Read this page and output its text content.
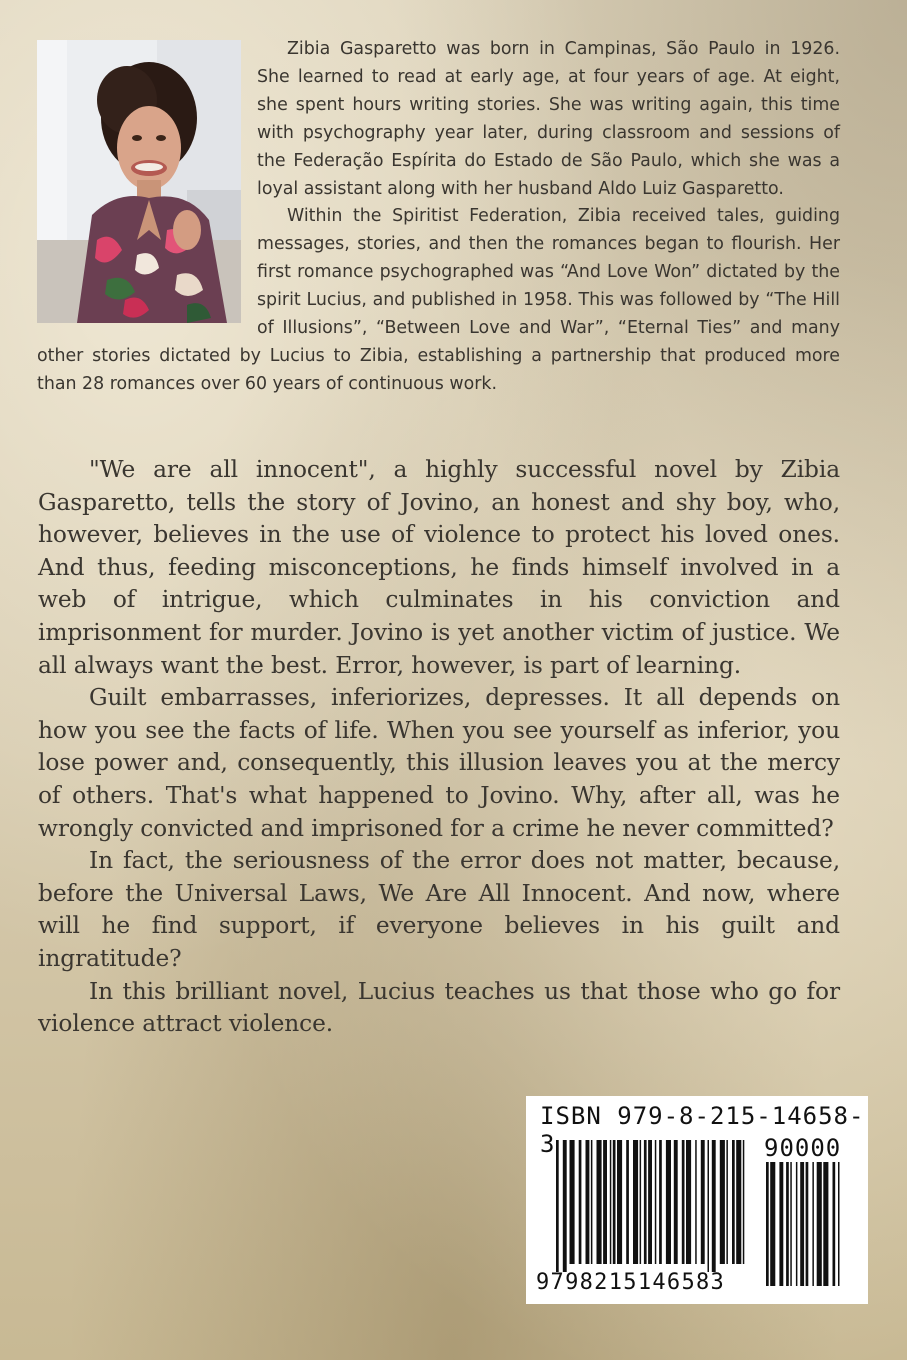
Zibia Gasparetto was born in Campinas, São Paulo in 1926. She learned to read at early age, at four years of age. At eight, she spent hours writing stories. She was writing again, this time with psychography year later, during classroom and sessions of the Federação Espírita do Estado de São Paulo, which she was a loyal assistant along with her husband Aldo Luiz Gasparetto.

Within the Spiritist Federation, Zibia received tales, guiding messages, stories, and then the romances began to flourish. Her first romance psychographed was “And Love Won” dictated by the spirit Lucius, and published in 1958. This was followed by “The Hill of Illusions”, “Between Love and War”, “Eternal Ties” and many other stories dictated by Lucius to Zibia, establishing a partnership that produced more than 28 romances over 60 years of continuous work.

"We are all innocent", a highly successful novel by Zibia Gasparetto, tells the story of Jovino, an honest and shy boy, who, however, believes in the use of violence to protect his loved ones. And thus, feeding misconceptions, he finds himself involved in a web of intrigue, which culminates in his conviction and imprisonment for murder. Jovino is yet another victim of justice. We all always want the best. Error, however, is part of learning.

Guilt embarrasses, inferiorizes, depresses. It all depends on how you see the facts of life. When you see yourself as inferior, you lose power and, consequently, this illusion leaves you at the mercy of others. That's what happened to Jovino. Why, after all, was he wrongly convicted and imprisoned for a crime he never committed?

In fact, the seriousness of the error does not matter, because, before the Universal Laws, We Are All Innocent. And now, where will he find support, if everyone believes in his guilt and ingratitude?

In this brilliant novel, Lucius teaches us that those who go for violence attract violence.

ISBN 979-8-215-14658-3	90000
9798215146583
